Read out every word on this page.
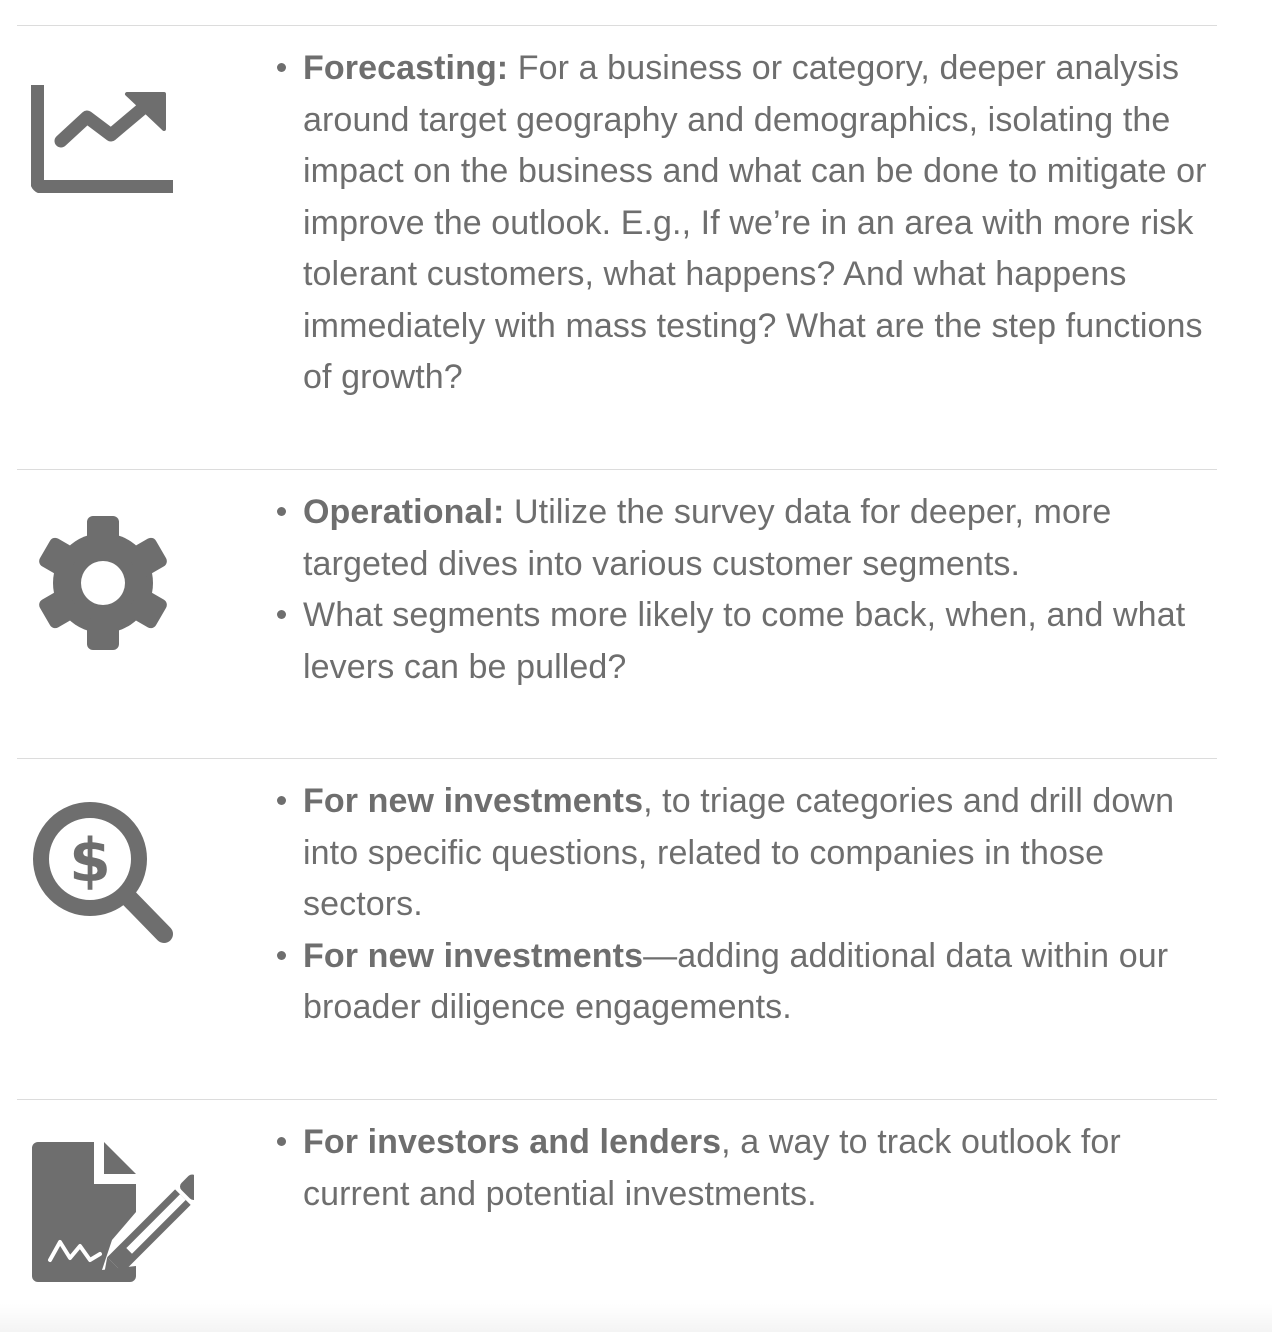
Forecasting: For a business or category, deeper analysis around target geography and demographics, isolating the impact on the business and what can be done to mitigate or improve the outlook. E.g., If we’re in an area with more risk tolerant customers, what happens? And what happens immediately with mass testing? What are the step functions of growth?
Operational: Utilize the survey data for deeper, more targeted dives into various customer segments.
What segments more likely to come back, when, and what levers can be pulled?
$
For new investments, to triage categories and drill down into specific questions, related to companies in those sectors.
For new investments—adding additional data within our broader diligence engagements.
For investors and lenders, a way to track outlook for current and potential investments.
